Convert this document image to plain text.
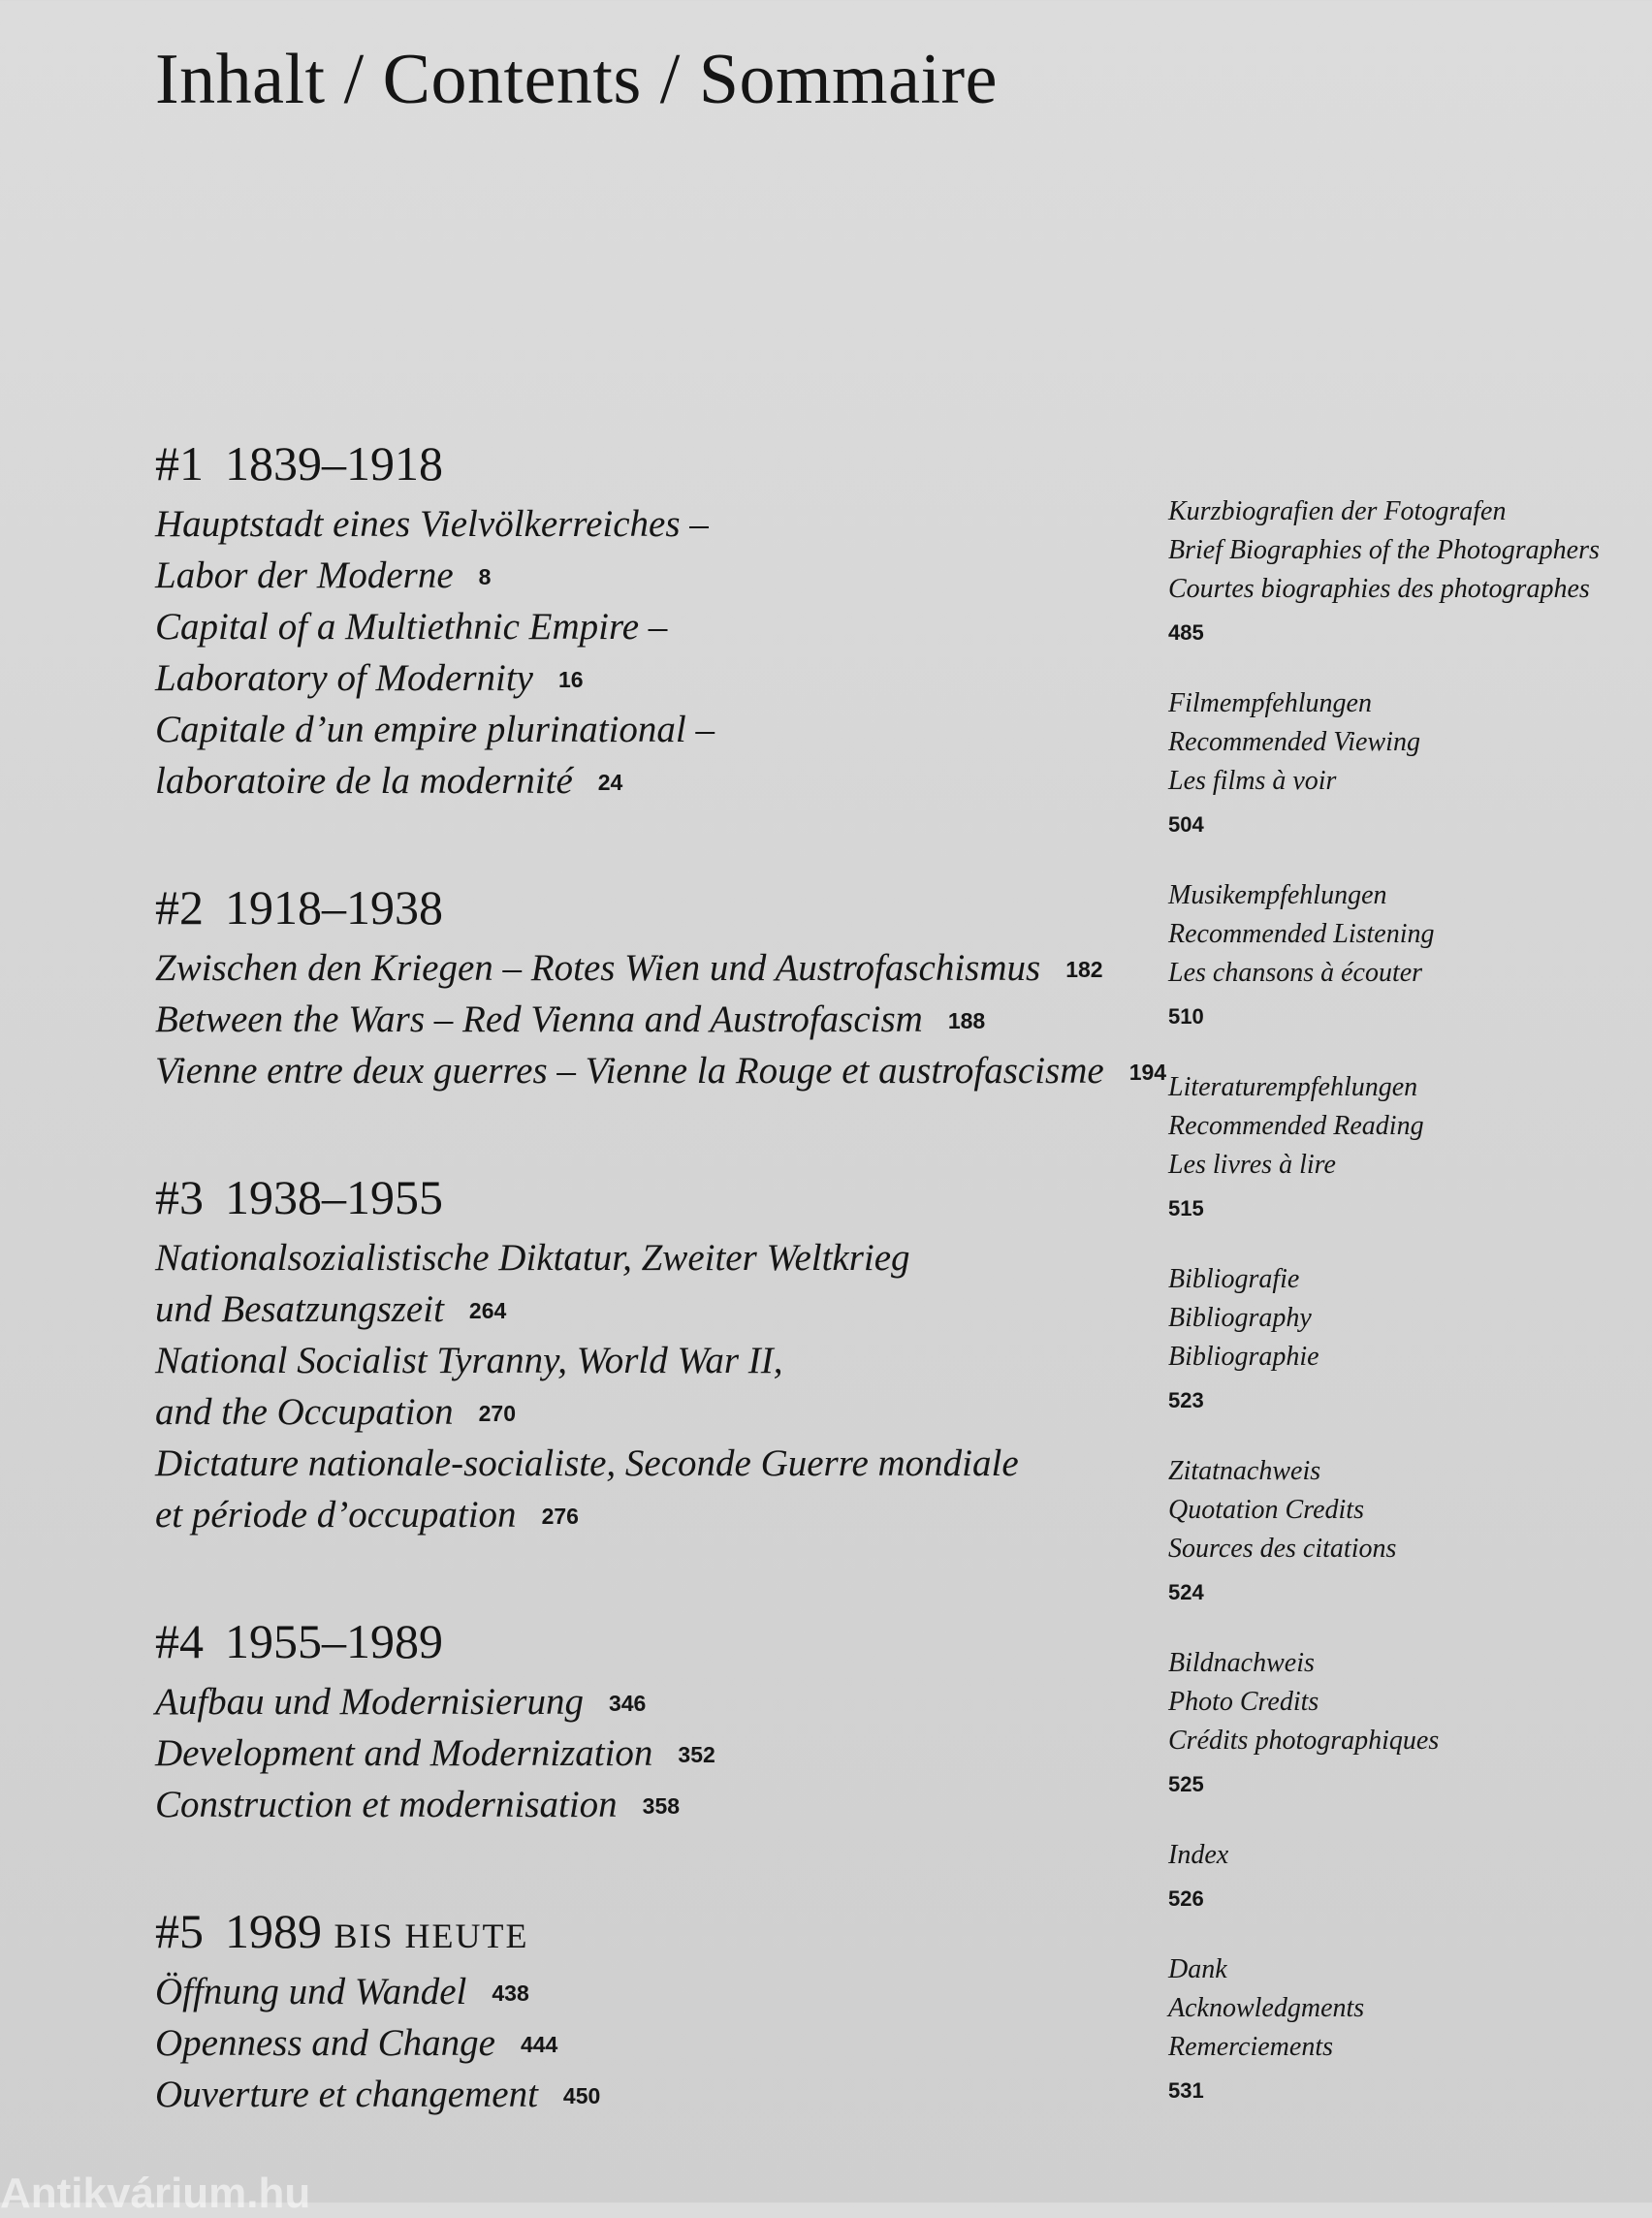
Inhalt / Contents / Sommaire
#1 1839–1918
Hauptstadt eines Vielvölkerreiches –
Labor der Moderne 8
Capital of a Multiethnic Empire –
Laboratory of Modernity 16
Capitale d’un empire plurinational –
laboratoire de la modernité 24
#2 1918–1938
Zwischen den Kriegen – Rotes Wien und Austrofaschismus 182
Between the Wars – Red Vienna and Austrofascism 188
Vienne entre deux guerres – Vienne la Rouge et austrofascisme 194
#3 1938–1955
Nationalsozialistische Diktatur, Zweiter Weltkrieg
und Besatzungszeit 264
National Socialist Tyranny, World War II,
and the Occupation 270
Dictature nationale-socialiste, Seconde Guerre mondiale
et période d’occupation 276
#4 1955–1989
Aufbau und Modernisierung 346
Development and Modernization 352
Construction et modernisation 358
#5 1989 BIS HEUTE
Öffnung und Wandel 438
Openness and Change 444
Ouverture et changement 450
Kurzbiografien der Fotografen
Brief Biographies of the Photographers
Courtes biographies des photographes
485
Filmempfehlungen
Recommended Viewing
Les films à voir
504
Musikempfehlungen
Recommended Listening
Les chansons à écouter
510
Literaturempfehlungen
Recommended Reading
Les livres à lire
515
Bibliografie
Bibliography
Bibliographie
523
Zitatnachweis
Quotation Credits
Sources des citations
524
Bildnachweis
Photo Credits
Crédits photographiques
525
Index
526
Dank
Acknowledgments
Remerciements
531
Antikvárium.hu
